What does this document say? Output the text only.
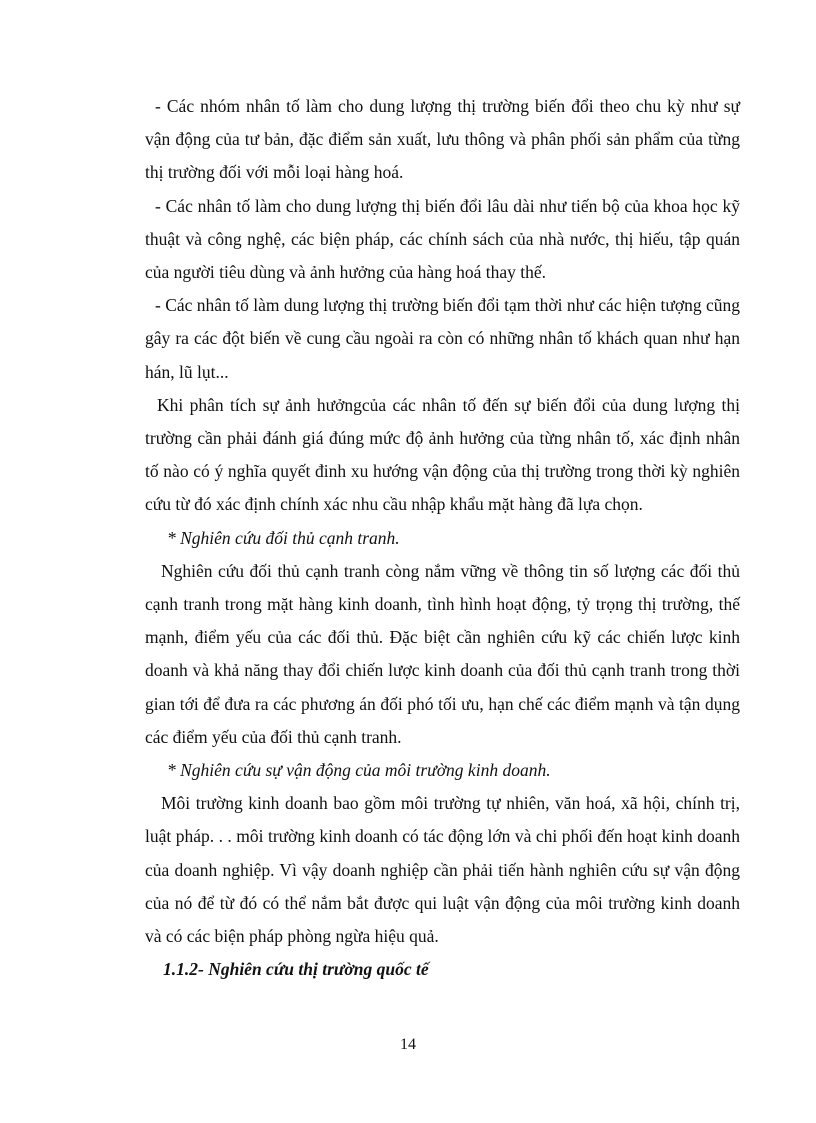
- Các nhóm nhân tố làm cho dung lượng thị trường biến đổi theo chu kỳ như sự vận động của tư bản, đặc điểm sản xuất, lưu thông và phân phối sản phẩm của từng thị trường đối với mỗi loại hàng hoá.

- Các nhân tố làm cho dung lượng thị biến đổi lâu dài như tiến bộ của khoa học kỹ thuật và công nghệ, các biện pháp, các chính sách của nhà nước, thị hiếu, tập quán của người tiêu dùng và ảnh hưởng của hàng hoá thay thế.

- Các nhân tố làm dung lượng thị trường biến đổi tạm thời như các hiện tượng cũng gây ra các đột biến về cung cầu ngoài ra còn có những nhân tố khách quan như hạn hán, lũ lụt...

Khi phân tích sự ảnh hưởngcủa các nhân tố đến sự biến đổi của dung lượng thị trường cần phải đánh giá đúng mức độ ảnh hưởng của từng nhân tố, xác định nhân tố nào có ý nghĩa quyết đinh xu hướng vận động của thị trường trong thời kỳ nghiên cứu từ đó xác định chính xác nhu cầu nhập khẩu mặt hàng đã lựa chọn.

* Nghiên cứu đối thủ cạnh tranh.

Nghiên cứu đối thủ cạnh tranh còng nắm vững về thông tin số lượng các đối thủ cạnh tranh trong mặt hàng kinh doanh, tình hình hoạt động, tỷ trọng thị trường, thế mạnh, điểm yếu của các đối thủ. Đặc biệt cần nghiên cứu kỹ các chiến lược kinh doanh và khả năng thay đổi chiến lược kinh doanh của đối thủ cạnh tranh trong thời gian tới để đưa ra các phương án đối phó tối ưu, hạn chế các điểm mạnh và tận dụng các điểm yếu của đối thủ cạnh tranh.

* Nghiên cứu sự vận động của môi trường kinh doanh.

Môi trường kinh doanh bao gồm môi trường tự nhiên, văn hoá, xã hội, chính trị, luật pháp. . . môi trường kinh doanh có tác động lớn và chi phối đến hoạt kinh doanh của doanh nghiệp. Vì vậy doanh nghiệp cần phải tiến hành nghiên cứu sự vận động của nó để từ đó có thể nắm bắt được qui luật vận động của môi trường kinh doanh và có các biện pháp phòng ngừa hiệu quả.

1.1.2- Nghiên cứu thị trường quốc tế

14
